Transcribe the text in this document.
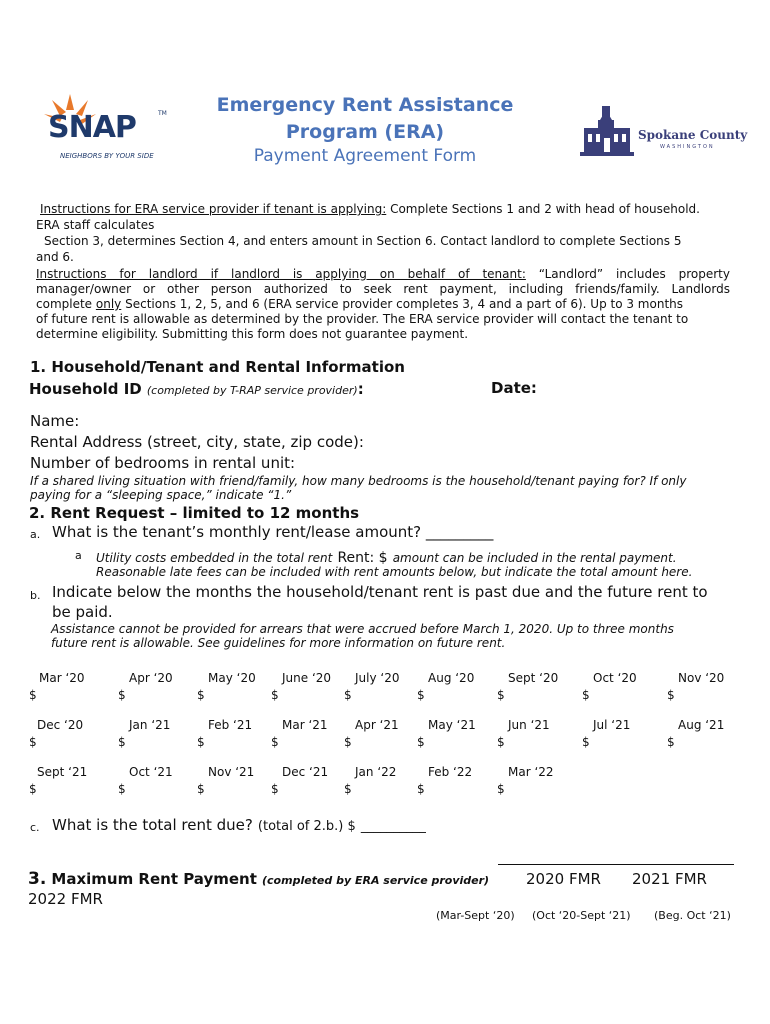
SNAP	TM
NEIGHBORS BY YOUR SIDE
Emergency Rent Assistance
Program (ERA)
Payment Agreement Form
Spokane County
WASHINGTON
Instructions for ERA service provider if tenant is applying: Complete Sections 1 and 2 with head of household.
ERA staff calculates
Section 3, determines Section 4, and enters amount in Section 6. Contact landlord to complete Sections 5
and 6.
Instructions for landlord if landlord is applying on behalf of tenant: “Landlord” includes property
manager/owner or other person authorized to seek rent payment, including friends/family. Landlords
complete only Sections 1, 2, 5, and 6 (ERA service provider completes 3, 4 and a part of 6). Up to 3 months
of future rent is allowable as determined by the provider. The ERA service provider will contact the tenant to
determine eligibility. Submitting this form does not guarantee payment.
1. Household/Tenant and Rental Information
Household ID (completed by T-RAP service provider):	Date:
Name:
Rental Address (street, city, state, zip code):
Number of bedrooms in rental unit:
If a shared living situation with friend/family, how many bedrooms is the household/tenant paying for? If only
paying for a “sleeping space,” indicate “1.”
2. Rent Request – limited to 12 months
a. What is the tenant’s monthly rent/lease amount? _________
a Utility costs embedded in the total rent Rent: $ amount can be included in the rental payment.
Reasonable late fees can be included with rent amounts below, but indicate the total amount here.
b. Indicate below the months the household/tenant rent is past due and the future rent to
be paid.
Assistance cannot be provided for arrears that were accrued before March 1, 2020. Up to three months
future rent is allowable. See guidelines for more information on future rent.
Mar ‘20	Apr ‘20	May ‘20 June ‘20 July ‘20 Aug ‘20	Sept ‘20	Oct ‘20	Nov ‘20
$	$	$	$	$	$	$	$	$
Dec ‘20	Jan ‘21	Feb ‘21 Mar ‘21 Apr ‘21 May ‘21	Jun ‘21	Jul ‘21	Aug ‘21
$	$	$	$	$	$	$	$	$
Sept ‘21	Oct ‘21	Nov ‘21 Dec ‘21 Jan ‘22	Feb ‘22	Mar ‘22
$	$	$	$	$	$	$
c. What is the total rent due? (total of 2.b.) $ __________
3. Maximum Rent Payment (completed by ERA service provider) 2020 FMR 2021 FMR
2022 FMR
(Mar-Sept ‘20) (Oct ‘20-Sept ‘21) (Beg. Oct ‘21)
